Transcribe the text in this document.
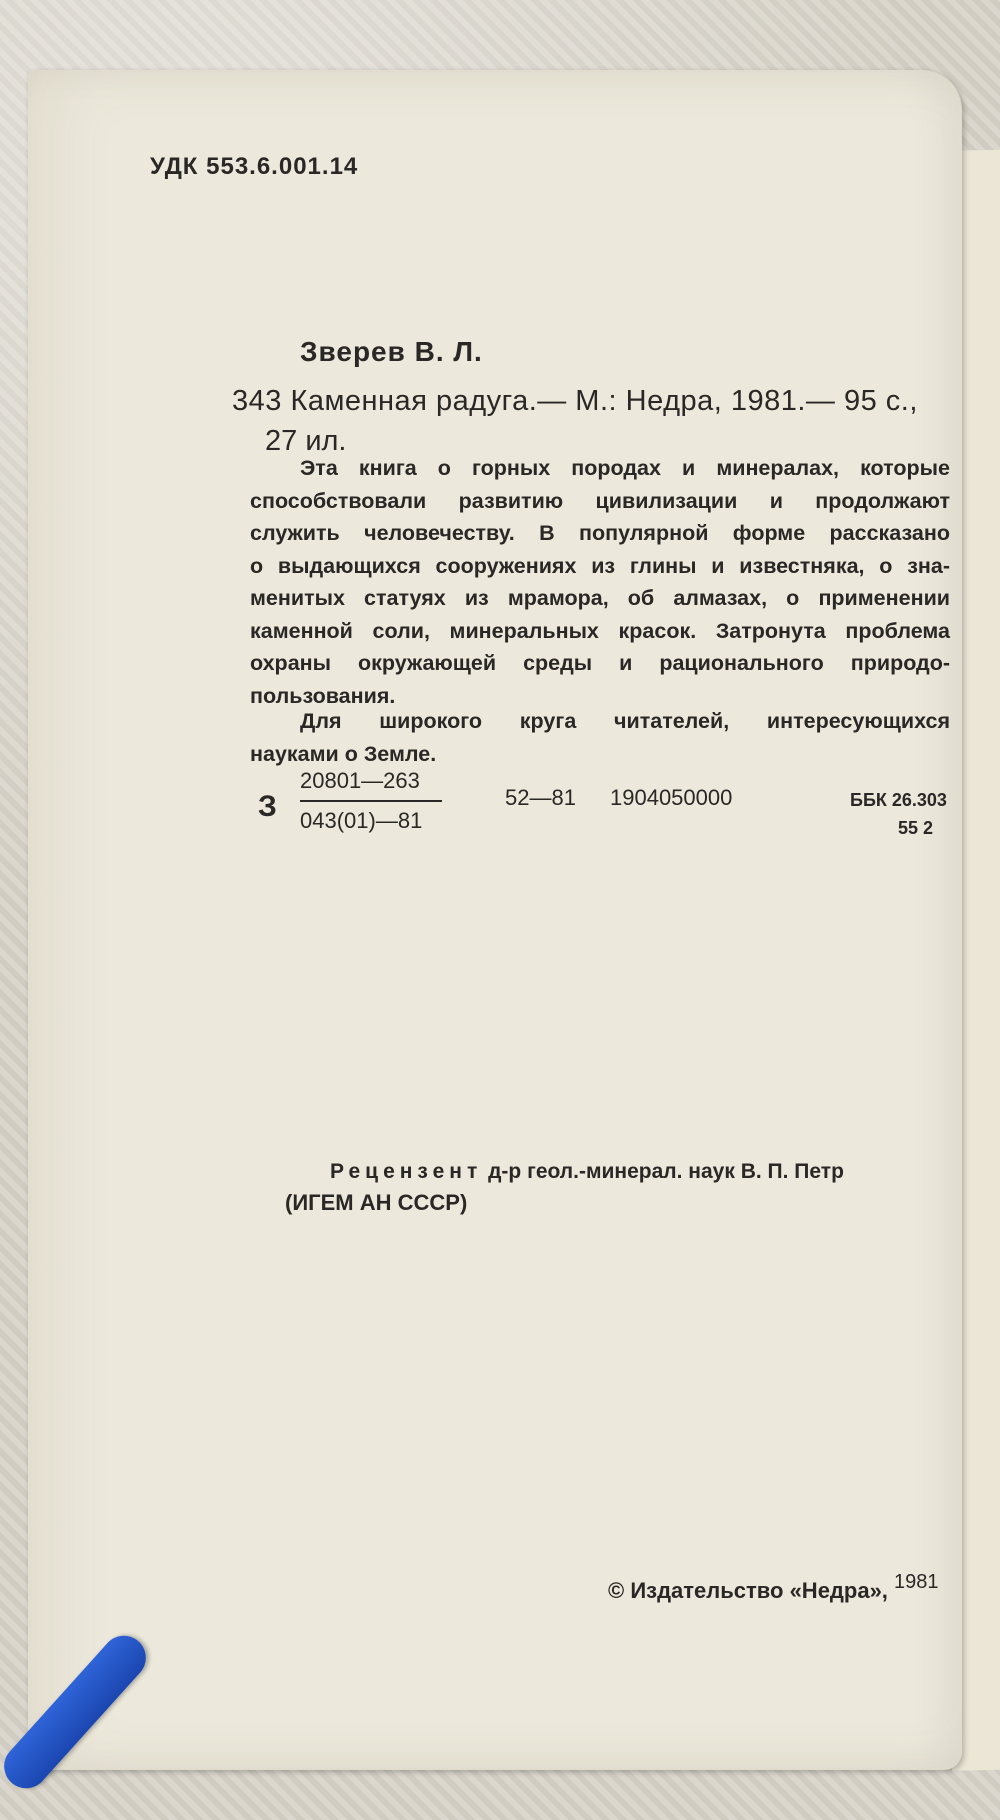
УДК 553.6.001.14
Зверев В. Л.
343 Каменная радуга.— М.: Недра, 1981.— 95 с.,
27 ил.
Эта книга о горных породах и минералах, которые
способствовали развитию цивилизации и продолжают
служить человечеству. В популярной форме рассказано
о выдающихся сооружениях из глины и известняка, о зна-
менитых статуях из мрамора, об алмазах, о применении
каменной соли, минеральных красок. Затронута проблема
охраны окружающей среды и рационального природо-
пользования.
Для широкого круга читателей, интересующихся
науками о Земле.
З
20801—263
043(01)—81
52—81 1904050000	ББК 26.303
55 2
Рецензент д-р геол.-минерал. наук В. П. Петр
(ИГЕМ АН СССР)
© Издательство «Недра», 1981
